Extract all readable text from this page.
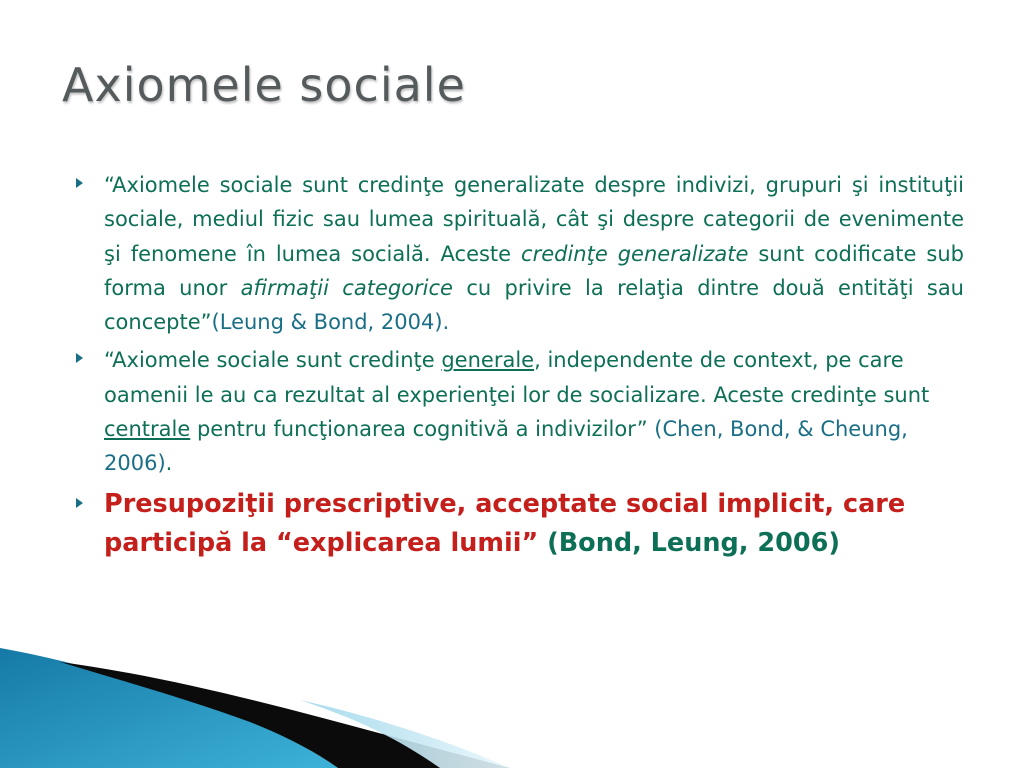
Axiomele sociale
“Axiomele sociale sunt credinţe generalizate despre indivizi, grupuri şi instituţii sociale, mediul fizic sau lumea spirituală, cât şi despre categorii de evenimente şi fenomene în lumea socială. Aceste credinţe generalizate sunt codificate sub forma unor afirmaţii categorice cu privire la relaţia dintre două entităţi sau concepte”(Leung & Bond, 2004).
“Axiomele sociale sunt credinţe generale, independente de context, pe care oamenii le au ca rezultat al experienţei lor de socializare. Aceste credinţe sunt centrale pentru funcţionarea cognitivă a indivizilor” (Chen, Bond, & Cheung, 2006).
Presupoziţii prescriptive, acceptate social implicit, care participă la “explicarea lumii” (Bond, Leung, 2006)
